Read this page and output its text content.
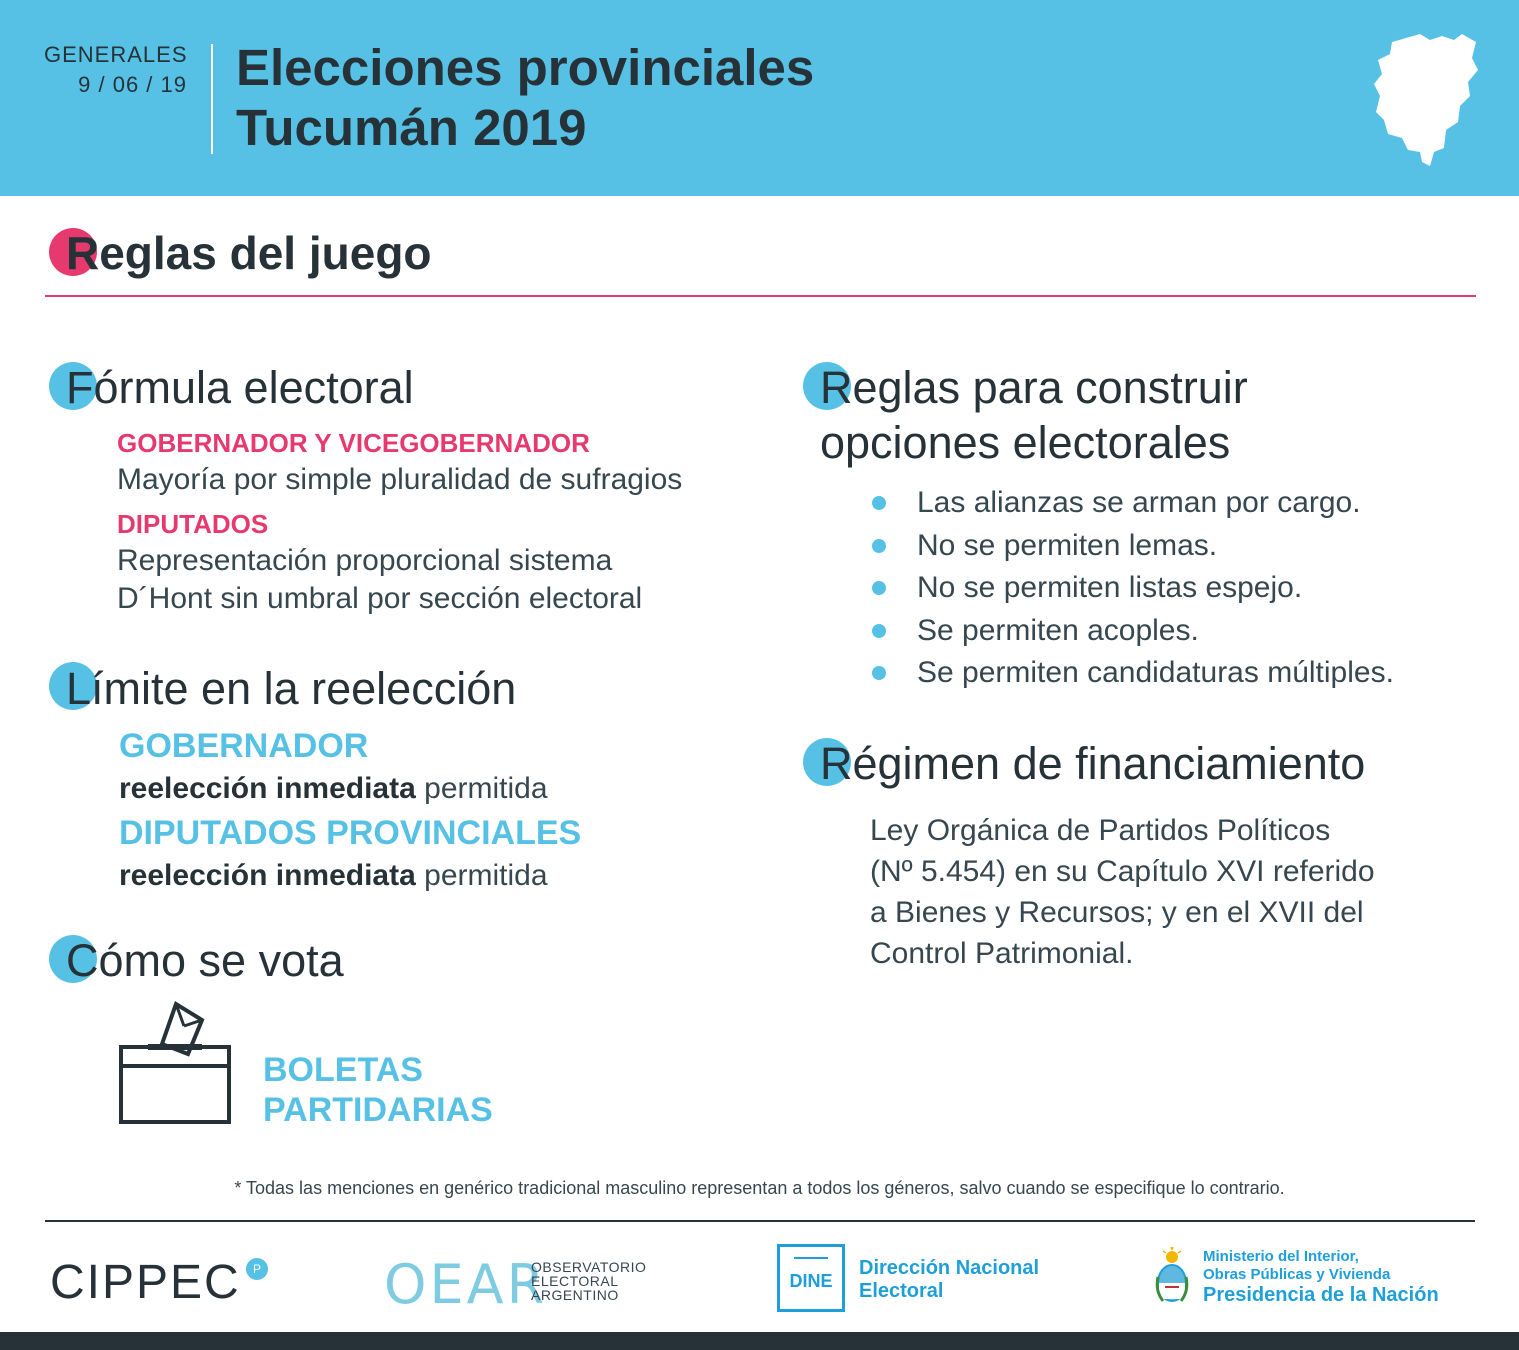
GENERALES
9 / 06 / 19 Elecciones provinciales
Tucumán 2019
Reglas del juego
Fórmula electoral
GOBERNADOR Y VICEGOBERNADOR
Mayoría por simple pluralidad de sufragios
DIPUTADOS
Representación proporcional sistema
D´Hont sin umbral por sección electoral
Límite en la reelección
GOBERNADOR
reelección inmediata permitida
DIPUTADOS PROVINCIALES
reelección inmediata permitida
Cómo se vota
BOLETAS
PARTIDARIAS
Reglas para construir
opciones electorales
Las alianzas se arman por cargo.
No se permiten lemas.
No se permiten listas espejo.
Se permiten acoples.
Se permiten candidaturas múltiples.
Régimen de financiamiento
Ley Orgánica de Partidos Políticos
(Nº 5.454) en su Capítulo XVI referido
a Bienes y Recursos; y en el XVII del
Control Patrimonial.
* Todas las menciones en genérico tradicional masculino representan a todos los géneros, salvo cuando se especifique lo contrario.
CIPPEC	P OEAR
OBSERVATORIO
ELECTORAL
ARGENTINO
DINE
Dirección Nacional
Electoral
Ministerio del Interior,
Obras Públicas y Vivienda
Presidencia de la Nación
